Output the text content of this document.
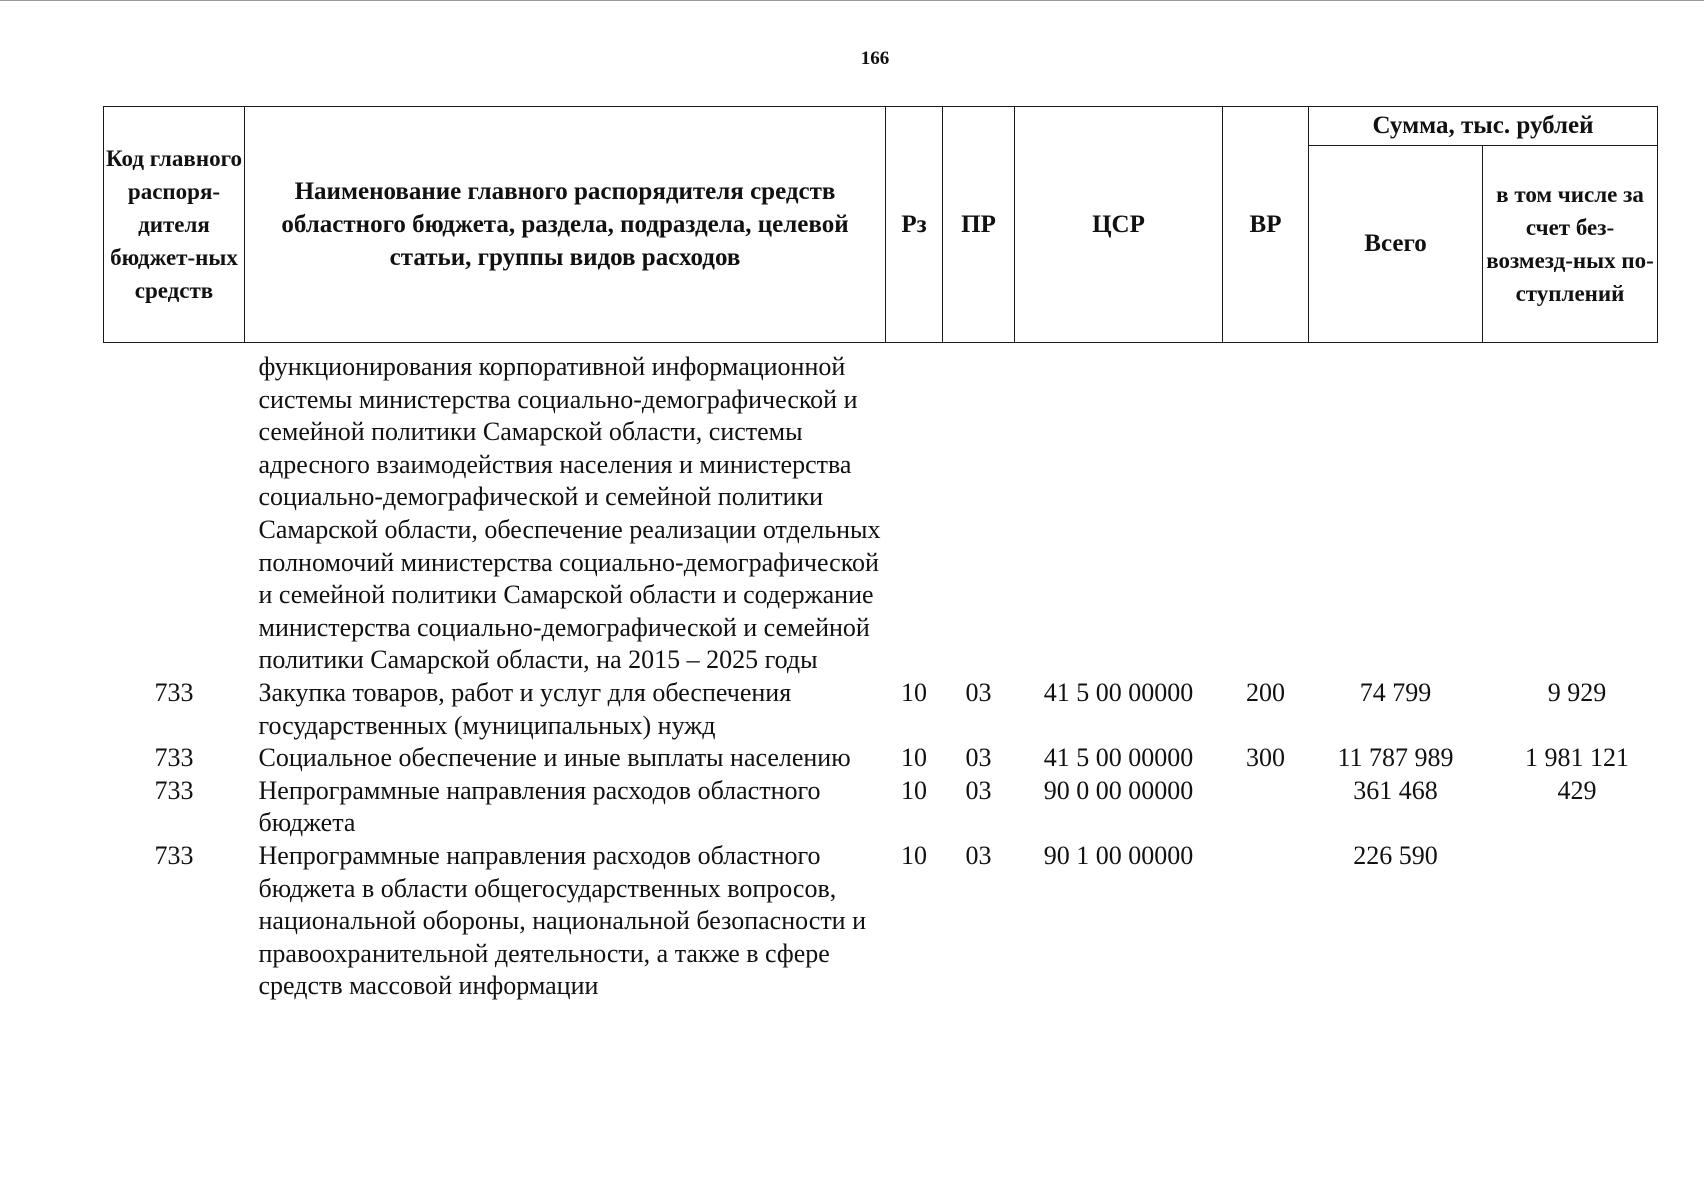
166
Код главного распоря-дителя бюджет-ных средств	Наименование главного распорядителя средств областного бюджета, раздела, подраздела, целевой статьи, группы видов расходов	Рз	ПР	ЦСР	ВР	Сумма, тыс. рублей	
						Всего	в том числе за счет без-возмезд-ных по-ступлений
	функционирования корпоративной информационной системы министерства социально-демографической и семейной политики Самарской области, системы адресного взаимодействия населения и министерства социально-демографической и семейной политики Самарской области, обеспечение реализации отдельных полномочий министерства социально-демографической и семейной политики Самарской области и содержание министерства социально-демографической и семейной политики Самарской области, на 2015 – 2025 годы						
733	Закупка товаров, работ и услуг для обеспечения государственных (муниципальных) нужд	10	03	41 5 00 00000	200	74 799	9 929
733	Социальное обеспечение и иные выплаты населению	10	03	41 5 00 00000	300	11 787 989	1 981 121
733	Непрограммные направления расходов областного бюджета	10	03	90 0 00 00000		361 468	429
733	Непрограммные направления расходов областного бюджета в области общегосударственных вопросов, национальной обороны, национальной безопасности и правоохранительной деятельности, а также в сфере средств массовой информации	10	03	90 1 00 00000		226 590	
